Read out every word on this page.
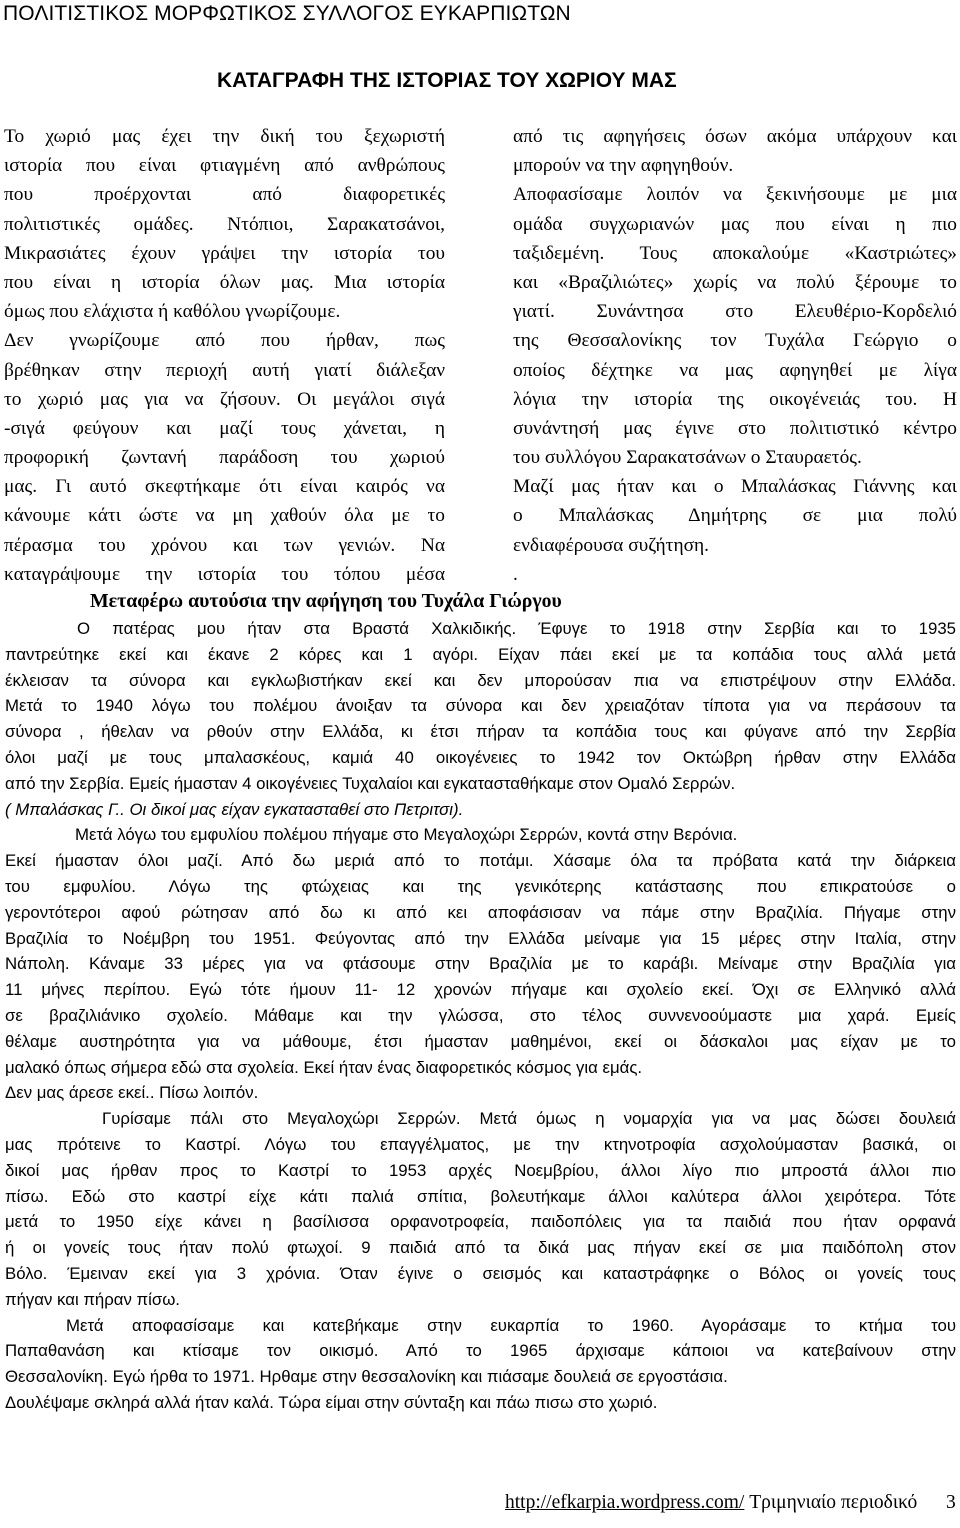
ΠΟΛΙΤΙΣΤΙΚΟΣ ΜΟΡΦΩΤΙΚΟΣ ΣΥΛΛΟΓΟΣ ΕΥΚΑΡΠΙΩΤΩΝ
ΚΑΤΑΓΡΑΦΗ ΤΗΣ ΙΣΤΟΡΙΑΣ ΤΟΥ ΧΩΡΙΟΥ ΜΑΣ
Το χωριό μας έχει την δική του ξεχωριστή
ιστορία που είναι φτιαγμένη από ανθρώπους
που προέρχονται από διαφορετικές
πολιτιστικές ομάδες. Ντόπιοι, Σαρακατσάνοι,
Μικρασιάτες έχουν γράψει την ιστορία του
που είναι η ιστορία όλων μας. Μια ιστορία
όμως που ελάχιστα ή καθόλου γνωρίζουμε.
Δεν γνωρίζουμε από που ήρθαν, πως
βρέθηκαν στην περιοχή αυτή γιατί διάλεξαν
το χωριό μας για να ζήσουν. Οι μεγάλοι σιγά
-σιγά φεύγουν και μαζί τους χάνεται, η
προφορική ζωντανή παράδοση του χωριού
μας. Γι αυτό σκεφτήκαμε ότι είναι καιρός να
κάνουμε κάτι ώστε να μη χαθούν όλα με το
πέρασμα του χρόνου και των γενιών. Να
καταγράψουμε την ιστορία του τόπου μέσα
από τις αφηγήσεις όσων ακόμα υπάρχουν και
μπορούν να την αφηγηθούν.
Αποφασίσαμε λοιπόν να ξεκινήσουμε με μια
ομάδα συγχωριανών μας που είναι η πιο
ταξιδεμένη. Τους αποκαλούμε «Καστριώτες»
και «Βραζιλιώτες» χωρίς να πολύ ξέρουμε το
γιατί. Συνάντησα στο Ελευθέριο-Κορδελιό
της Θεσσαλονίκης τον Τυχάλα Γεώργιο ο
οποίος δέχτηκε να μας αφηγηθεί με λίγα
λόγια την ιστορία της οικογένειάς του. Η
συνάντησή μας έγινε στο πολιτιστικό κέντρο
του συλλόγου Σαρακατσάνων ο Σταυραετός.
Μαζί μας ήταν και ο Μπαλάσκας Γιάννης και
ο Μπαλάσκας Δημήτρης σε μια πολύ
ενδιαφέρουσα συζήτηση.
.
Μεταφέρω αυτούσια την αφήγηση του Τυχάλα Γιώργου
Ο πατέρας μου ήταν στα Βραστά Χαλκιδικής. Έφυγε το 1918 στην Σερβία και το 1935
παντρεύτηκε εκεί και έκανε 2 κόρες και 1 αγόρι. Είχαν πάει εκεί με τα κοπάδια τους αλλά μετά
έκλεισαν τα σύνορα και εγκλωβιστήκαν εκεί και δεν μπορούσαν πια να επιστρέψουν στην Ελλάδα.
Μετά το 1940 λόγω του πολέμου άνοιξαν τα σύνορα και δεν χρειαζόταν τίποτα για να περάσουν τα
σύνορα , ήθελαν να ρθούν στην Ελλάδα, κι έτσι πήραν τα κοπάδια τους και φύγανε από την Σερβία
όλοι μαζί με τους μπαλασκέους, καμιά 40 οικογένειες το 1942 τον Οκτώβρη ήρθαν στην Ελλάδα
από την Σερβία. Εμείς ήμασταν 4 οικογένειες Τυχαλαίοι και εγκατασταθήκαμε στον Ομαλό Σερρών.
( Μπαλάσκας Γ.. Οι δικοί μας είχαν εγκατασταθεί στο Πετριτσι).
Μετά λόγω του εμφυλίου πολέμου πήγαμε στο Μεγαλοχώρι Σερρών, κοντά στην Βερόνια.
Εκεί ήμασταν όλοι μαζί. Από δω μεριά από το ποτάμι. Χάσαμε όλα τα πρόβατα κατά την διάρκεια
του εμφυλίου. Λόγω της φτώχειας και της γενικότερης κατάστασης που επικρατούσε ο
γεροντότεροι αφού ρώτησαν από δω κι από κει αποφάσισαν να πάμε στην Βραζιλία. Πήγαμε στην
Βραζιλία το Νοέμβρη του 1951. Φεύγοντας από την Ελλάδα μείναμε για 15 μέρες στην Ιταλία, στην
Νάπολη. Κάναμε 33 μέρες για να φτάσουμε στην Βραζιλία με το καράβι. Μείναμε στην Βραζιλία για
11 μήνες περίπου. Εγώ τότε ήμουν 11- 12 χρονών πήγαμε και σχολείο εκεί. Όχι σε Ελληνικό αλλά
σε βραζιλιάνικο σχολείο. Μάθαμε και την γλώσσα, στο τέλος συννενοούμαστε μια χαρά. Εμείς
θέλαμε αυστηρότητα για να μάθουμε, έτσι ήμασταν μαθημένοι, εκεί οι δάσκαλοι μας είχαν με το
μαλακό όπως σήμερα εδώ στα σχολεία. Εκεί ήταν ένας διαφορετικός κόσμος για εμάς.
Δεν μας άρεσε εκεί.. Πίσω λοιπόν.
Γυρίσαμε πάλι στο Μεγαλοχώρι Σερρών. Μετά όμως η νομαρχία για να μας δώσει δουλειά
μας πρότεινε το Καστρί. Λόγω του επαγγέλματος, με την κτηνοτροφία ασχολούμασταν βασικά, οι
δικοί μας ήρθαν προς το Καστρί το 1953 αρχές Νοεμβρίου, άλλοι λίγο πιο μπροστά άλλοι πιο
πίσω. Εδώ στο καστρί είχε κάτι παλιά σπίτια, βολευτήκαμε άλλοι καλύτερα άλλοι χειρότερα. Τότε
μετά το 1950 είχε κάνει η βασίλισσα ορφανοτροφεία, παιδοπόλεις για τα παιδιά που ήταν ορφανά
ή οι γονείς τους ήταν πολύ φτωχοί. 9 παιδιά από τα δικά μας πήγαν εκεί σε μια παιδόπολη στον
Βόλο. Έμειναν εκεί για 3 χρόνια. Όταν έγινε ο σεισμός και καταστράφηκε ο Βόλος οι γονείς τους
πήγαν και πήραν πίσω.
Μετά αποφασίσαμε και κατεβήκαμε στην ευκαρπία το 1960. Αγοράσαμε το κτήμα του
Παπαθανάση και κτίσαμε τον οικισμό. Από το 1965 άρχισαμε κάποιοι να κατεβαίνουν στην
Θεσσαλονίκη. Εγώ ήρθα το 1971. Ηρθαμε στην θεσσαλονίκη και πιάσαμε δουλειά σε εργοστάσια.
Δουλέψαμε σκληρά αλλά ήταν καλά. Τώρα είμαι στην σύνταξη και πάω πισω στο χωριό.
http://efkarpia.wordpress.com/ Τριμηνιαίο περιοδικό 3
